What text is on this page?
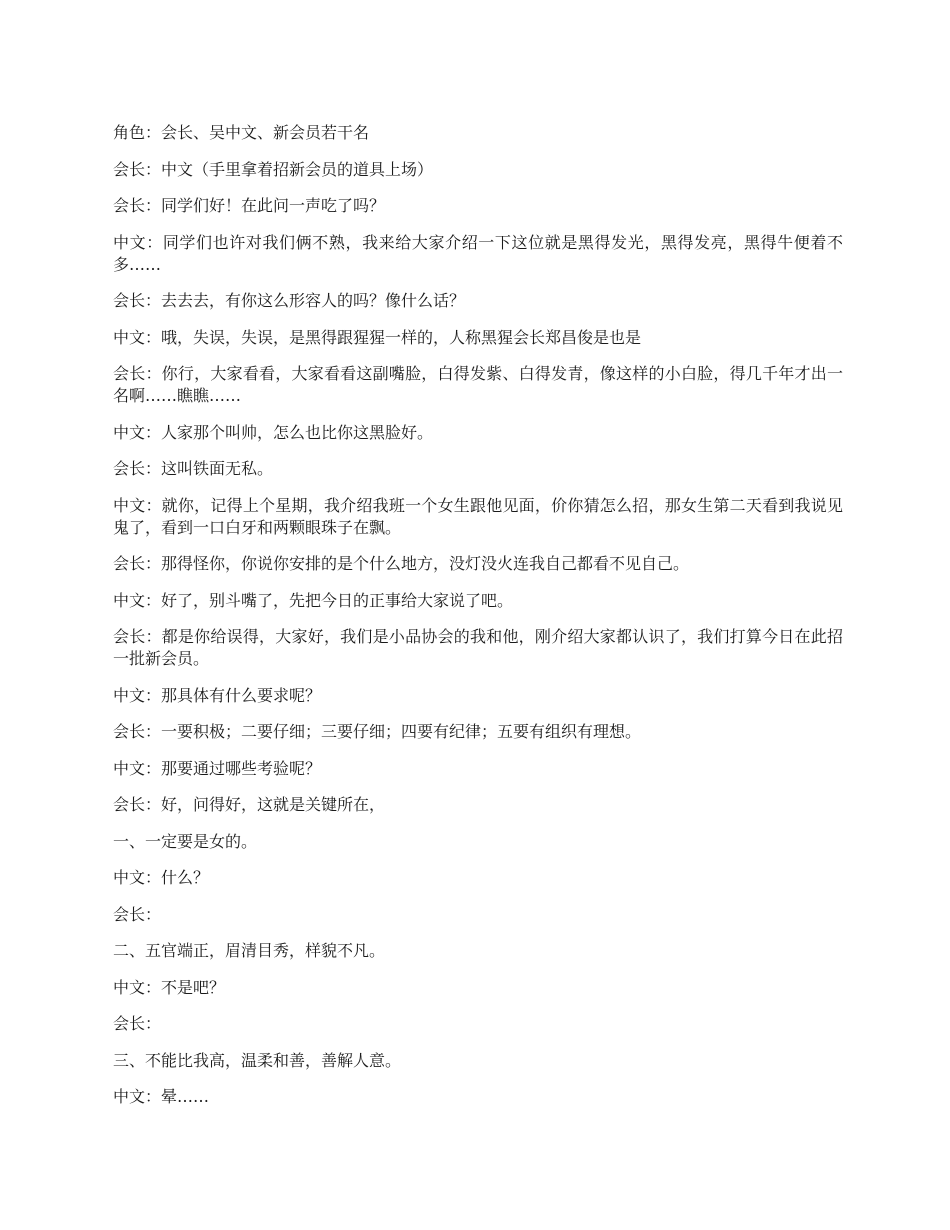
角色：会长、吴中文、新会员若干名

会长：中文（手里拿着招新会员的道具上场）

会长：同学们好！在此问一声吃了吗？

中文：同学们也许对我们俩不熟，我来给大家介绍一下这位就是黑得发光，黑得发亮，黑得牛便着不多……

会长：去去去，有你这么形容人的吗？像什么话？

中文：哦，失误，失误，是黑得跟猩猩一样的，人称黑猩会长郑昌俊是也是

会长：你行，大家看看，大家看看这副嘴脸，白得发紫、白得发青，像这样的小白脸，得几千年才出一名啊……瞧瞧……

中文：人家那个叫帅，怎么也比你这黑脸好。

会长：这叫铁面无私。

中文：就你，记得上个星期，我介绍我班一个女生跟他见面，价你猜怎么招，那女生第二天看到我说见鬼了，看到一口白牙和两颗眼珠子在飘。

会长：那得怪你，你说你安排的是个什么地方，没灯没火连我自己都看不见自己。

中文：好了，别斗嘴了，先把今日的正事给大家说了吧。

会长：都是你给误得，大家好，我们是小品协会的我和他，刚介绍大家都认识了，我们打算今日在此招一批新会员。

中文：那具体有什么要求呢？

会长：一要积极；二要仔细；三要仔细；四要有纪律；五要有组织有理想。

中文：那要通过哪些考验呢？

会长：好，问得好，这就是关键所在，

一、一定要是女的。

中文：什么？

会长：

二、五官端正，眉清目秀，样貌不凡。

中文：不是吧？

会长：

三、不能比我高，温柔和善，善解人意。

中文：晕……
